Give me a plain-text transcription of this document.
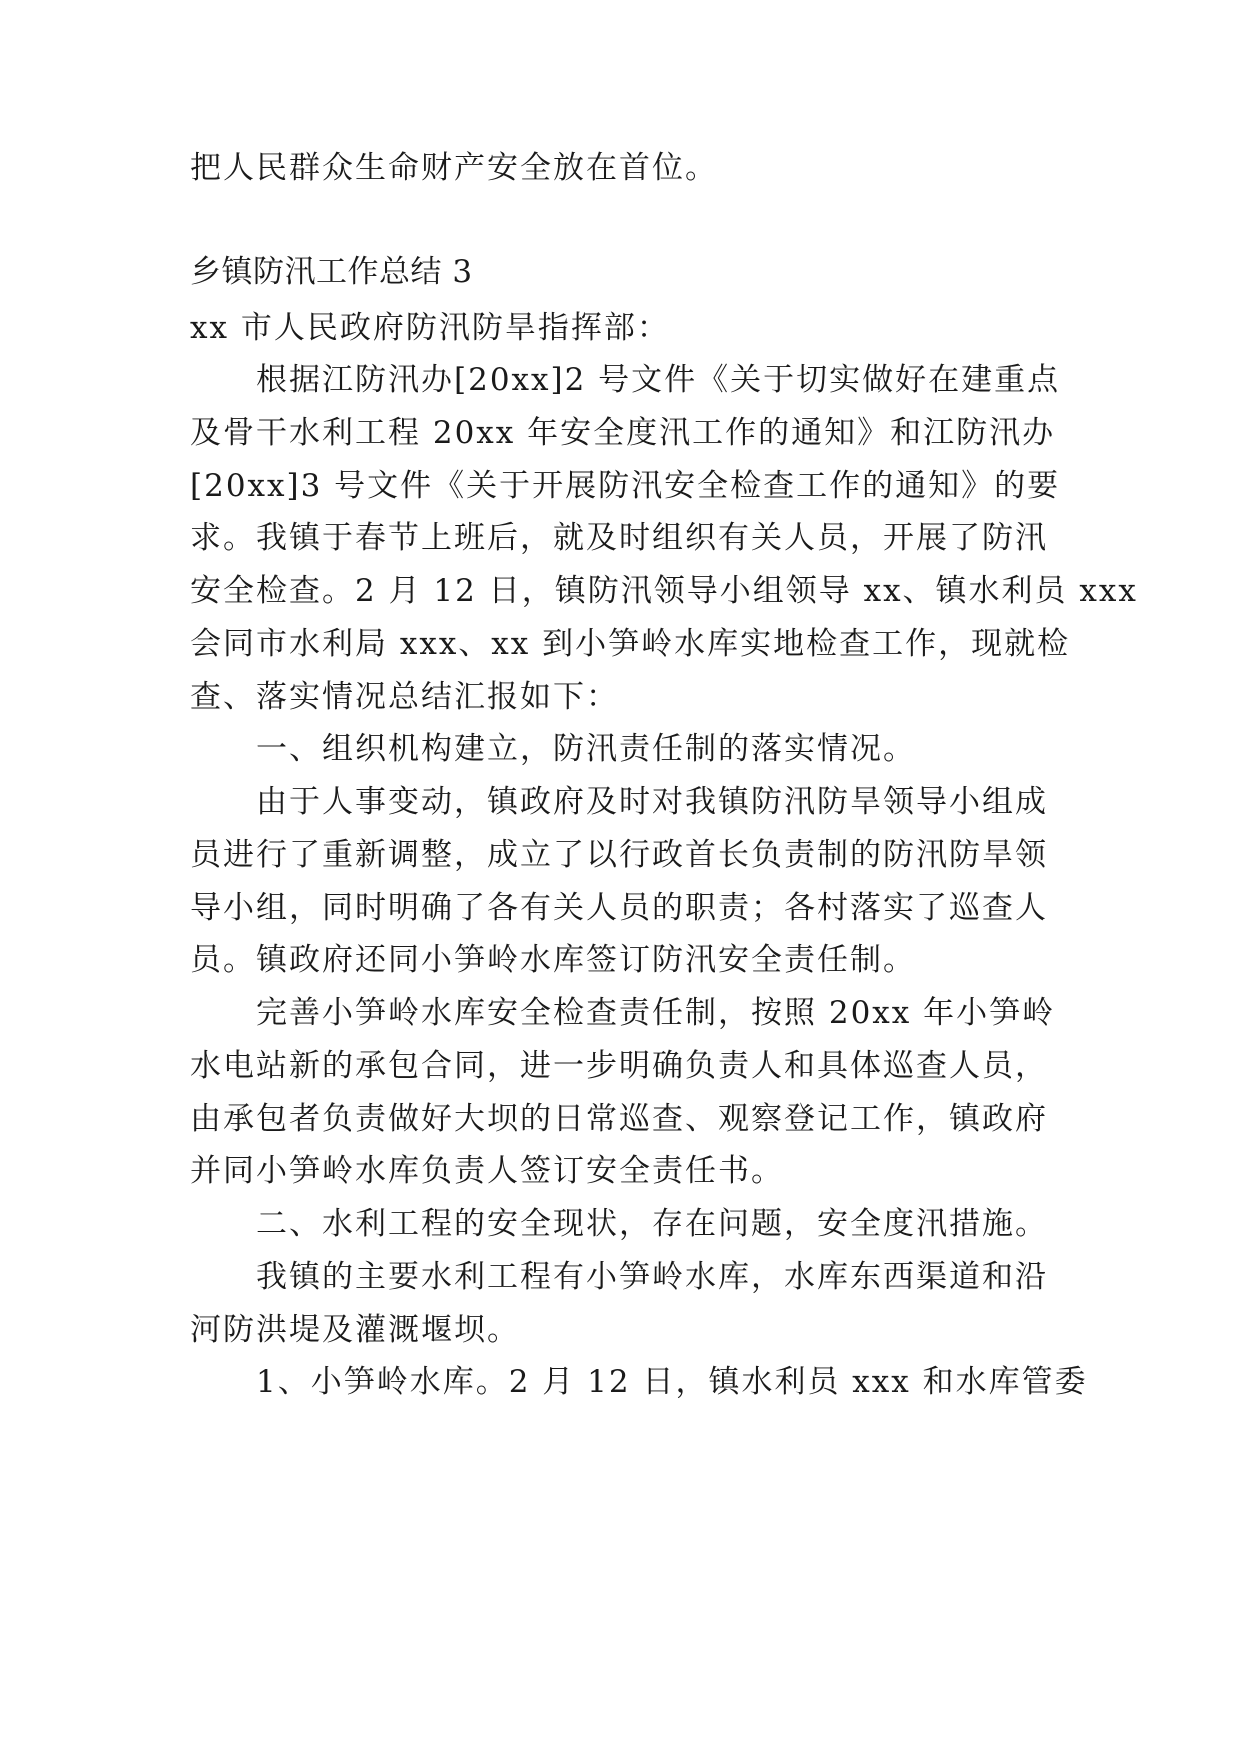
把人民群众生命财产安全放在首位。

乡镇防汛工作总结 3

xx 市人民政府防汛防旱指挥部：

根据江防汛办[20xx]2 号文件《关于切实做好在建重点

及骨干水利工程 20xx 年安全度汛工作的通知》和江防汛办

[20xx]3 号文件《关于开展防汛安全检查工作的通知》的要

求。我镇于春节上班后，就及时组织有关人员，开展了防汛

安全检查。2 月 12 日，镇防汛领导小组领导 xx、镇水利员 xxx

会同市水利局 xxx、xx 到小笋岭水库实地检查工作，现就检

查、落实情况总结汇报如下：

一、组织机构建立，防汛责任制的落实情况。

由于人事变动，镇政府及时对我镇防汛防旱领导小组成

员进行了重新调整，成立了以行政首长负责制的防汛防旱领

导小组，同时明确了各有关人员的职责；各村落实了巡查人

员。镇政府还同小笋岭水库签订防汛安全责任制。

完善小笋岭水库安全检查责任制，按照 20xx 年小笋岭

水电站新的承包合同，进一步明确负责人和具体巡查人员，

由承包者负责做好大坝的日常巡查、观察登记工作，镇政府

并同小笋岭水库负责人签订安全责任书。

二、水利工程的安全现状，存在问题，安全度汛措施。

我镇的主要水利工程有小笋岭水库，水库东西渠道和沿

河防洪堤及灌溉堰坝。

1、小笋岭水库。2 月 12 日，镇水利员 xxx 和水库管委
